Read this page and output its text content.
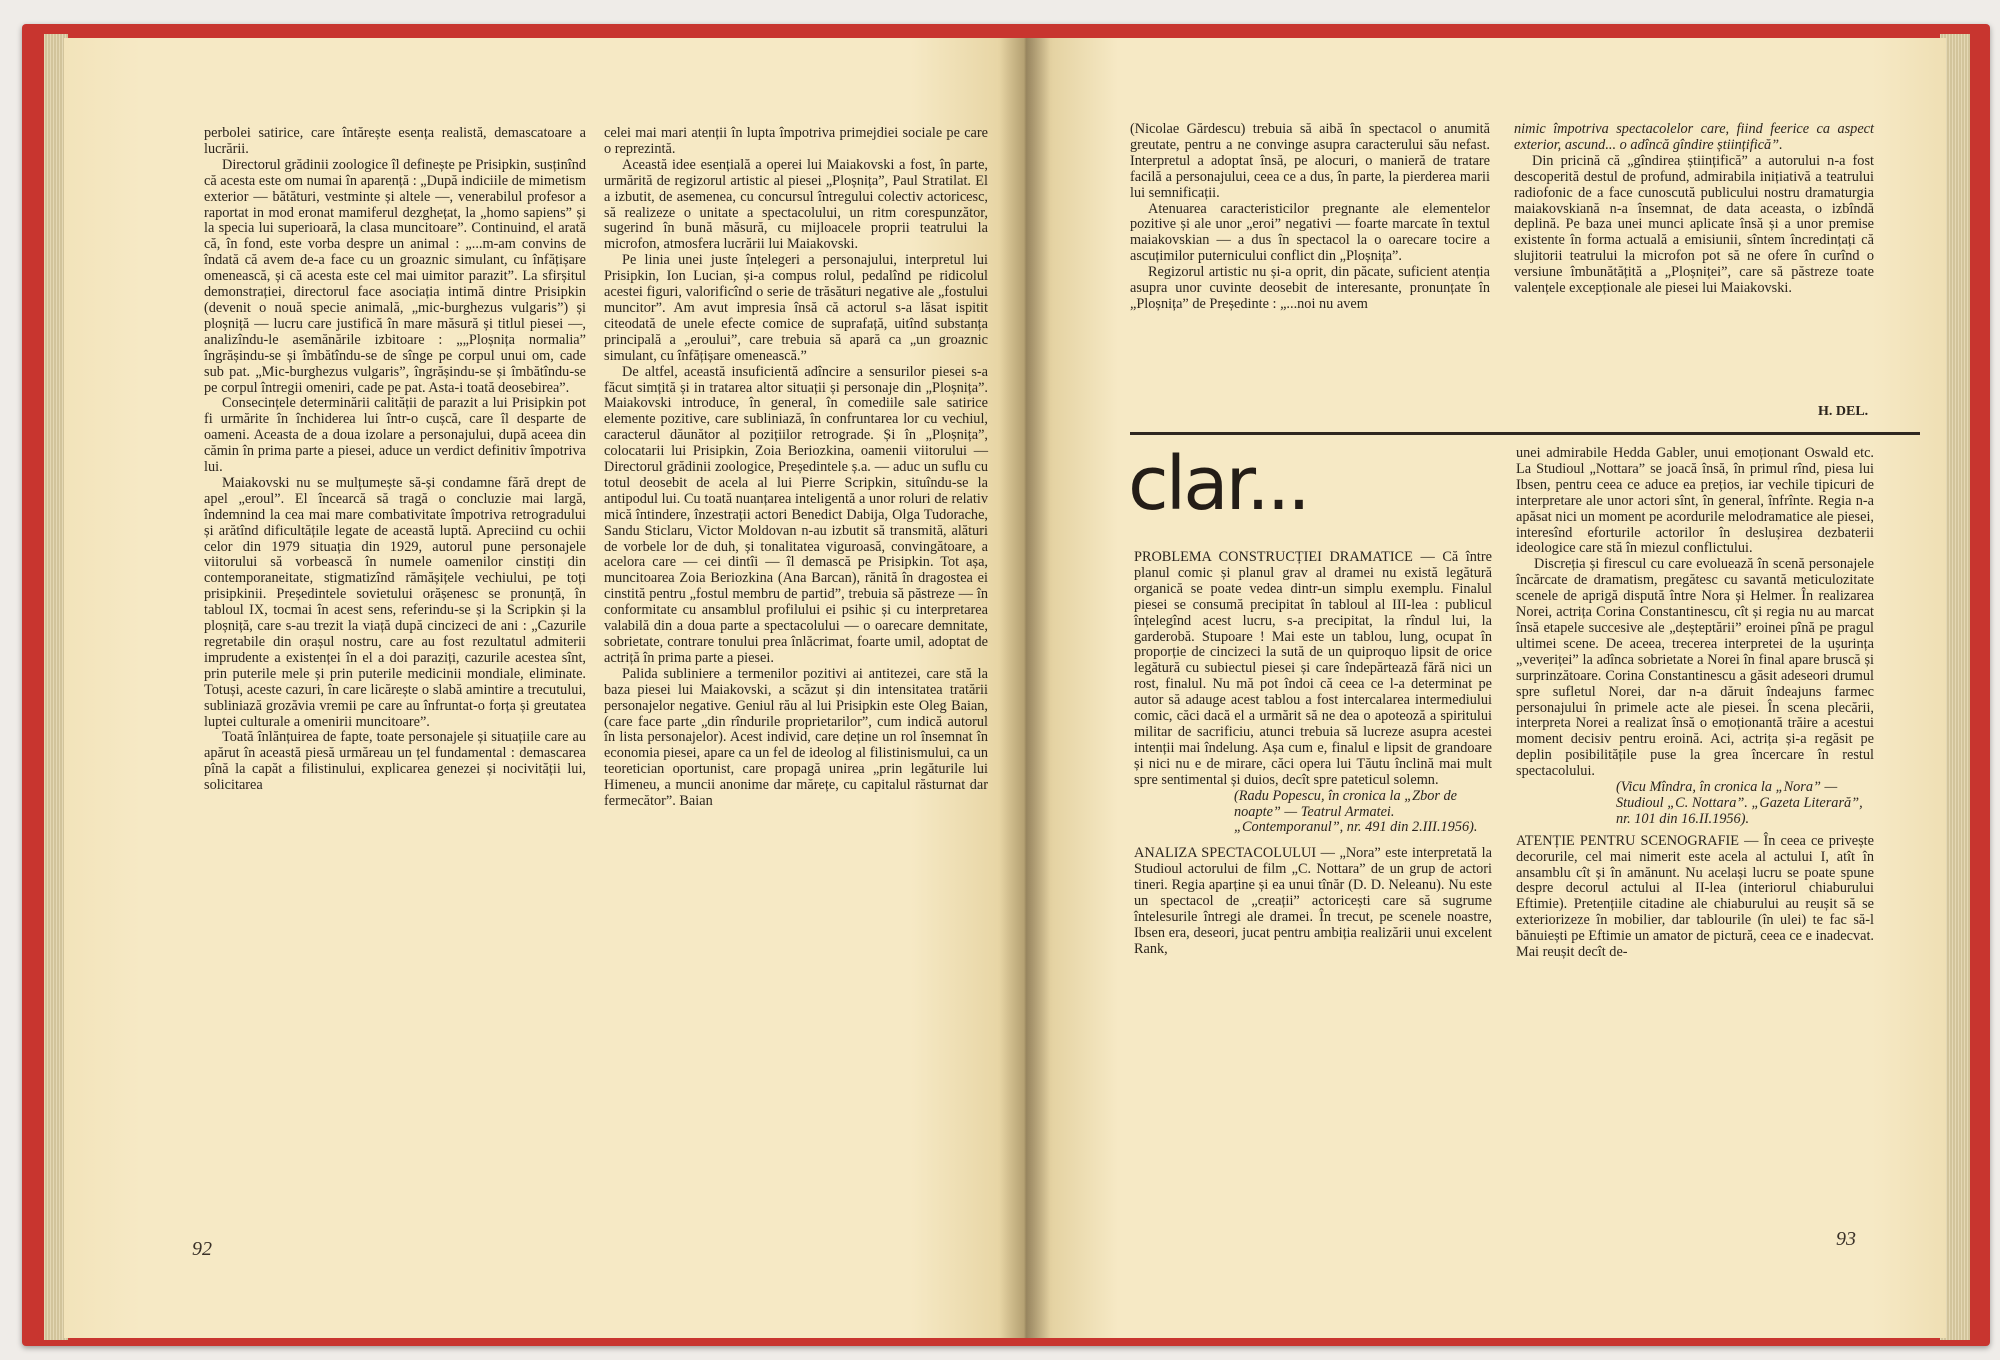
perbolei satirice, care întărește esența realistă, demascatoare a lucrării.

Directorul grădinii zoologice îl definește pe Prisipkin, susținînd că acesta este om numai în aparență : „După indiciile de mimetism exterior — bătături, vestminte și altele —, venerabilul profesor a raportat in mod eronat mamiferul dezghețat, la „homo sapiens” și la specia lui superioară, la clasa muncitoare”. Continuind, el arată că, în fond, este vorba despre un animal : „...m-am convins de îndată că avem de-a face cu un groaznic simulant, cu înfățișare omenească, și că acesta este cel mai uimitor parazit”. La sfirșitul demonstrației, directorul face asociația intimă dintre Prisipkin (devenit o nouă specie animală, „mic-burghezus vulgaris”) și ploșniță — lucru care justifică în mare măsură și titlul piesei —, analizîndu-le asemănările izbitoare : „„Ploșnița normalia” îngrășindu-se și îmbătîndu-se de sînge pe corpul unui om, cade sub pat. „Mic-burghezus vulgaris”, îngrășindu-se și îmbătîndu-se pe corpul întregii omeniri, cade pe pat. Asta-i toată deosebirea”.

Consecințele determinării calității de parazit a lui Prisipkin pot fi urmărite în închiderea lui într-o cușcă, care îl desparte de oameni. Aceasta de a doua izolare a personajului, după aceea din cămin în prima parte a piesei, aduce un verdict definitiv împotriva lui.

Maiakovski nu se mulțumește să-și condamne fără drept de apel „eroul”. El încearcă să tragă o concluzie mai largă, îndemnind la cea mai mare combativitate împotriva retrogradului și arătînd dificultățile legate de această luptă. Apreciind cu ochii celor din 1979 situația din 1929, autorul pune personajele viitorului să vorbească în numele oamenilor cinstiți din contemporaneitate, stigmatizînd rămășițele vechiului, pe toți prisipkinii. Președintele sovietului orășenesc se pronunță, în tabloul IX, tocmai în acest sens, referindu-se și la Scripkin și la ploșniță, care s-au trezit la viață după cincizeci de ani : „Cazurile regretabile din orașul nostru, care au fost rezultatul admiterii imprudente a existenței în el a doi paraziți, cazurile acestea sînt, prin puterile mele și prin puterile medicinii mondiale, eliminate. Totuși, aceste cazuri, în care licărește o slabă amintire a trecutului, subliniază grozăvia vremii pe care au înfruntat-o forța și greutatea luptei culturale a omenirii muncitoare”.

Toată înlănțuirea de fapte, toate personajele și situațiile care au apărut în această piesă urmăreau un țel fundamental : demascarea pînă la capăt a filistinului, explicarea genezei și nocivității lui, solicitarea

celei mai mari atenții în lupta împotriva primejdiei sociale pe care o reprezintă.

Această idee esențială a operei lui Maiakovski a fost, în parte, urmărită de regizorul artistic al piesei „Ploșnița”, Paul Stratilat. El a izbutit, de asemenea, cu concursul întregului colectiv actoricesc, să realizeze o unitate a spectacolului, un ritm corespunzător, sugerind în bună măsură, cu mijloacele proprii teatrului la microfon, atmosfera lucrării lui Maiakovski.

Pe linia unei juste înțelegeri a personajului, interpretul lui Prisipkin, Ion Lucian, și-a compus rolul, pedalînd pe ridicolul acestei figuri, valorificînd o serie de trăsături negative ale „fostului muncitor”. Am avut impresia însă că actorul s-a lăsat ispitit citeodată de unele efecte comice de suprafață, uitînd substanța principală a „eroului”, care trebuia să apară ca „un groaznic simulant, cu înfățișare omenească.”

De altfel, această insuficientă adîncire a sensurilor piesei s-a făcut simțită și in tratarea altor situații și personaje din „Ploșnița”. Maiakovski introduce, în general, în comediile sale satirice elemente pozitive, care subliniază, în confruntarea lor cu vechiul, caracterul dăunător al pozițiilor retrograde. Și în „Ploșnița”, colocatarii lui Prisipkin, Zoia Beriozkina, oamenii viitorului — Directorul grădinii zoologice, Președintele ș.a. — aduc un suflu cu totul deosebit de acela al lui Pierre Scripkin, situîndu-se la antipodul lui. Cu toată nuanțarea inteligentă a unor roluri de relativ mică întindere, înzestrații actori Benedict Dabija, Olga Tudorache, Sandu Sticlaru, Victor Moldovan n-au izbutit să transmită, alături de vorbele lor de duh, și tonalitatea viguroasă, convingătoare, a acelora care — cei dintîi — îl demască pe Prisipkin. Tot așa, muncitoarea Zoia Beriozkina (Ana Barcan), rănită în dragostea ei cinstită pentru „fostul membru de partid”, trebuia să păstreze — în conformitate cu ansamblul profilului ei psihic și cu interpretarea valabilă din a doua parte a spectacolului — o oarecare demnitate, sobrietate, contrare tonului prea înlăcrimat, foarte umil, adoptat de actriță în prima parte a piesei.

Palida subliniere a termenilor pozitivi ai antitezei, care stă la baza piesei lui Maiakovski, a scăzut și din intensitatea tratării personajelor negative. Geniul rău al lui Prisipkin este Oleg Baian, (care face parte „din rîndurile proprietarilor”, cum indică autorul în lista personajelor). Acest individ, care deține un rol însemnat în economia piesei, apare ca un fel de ideolog al filistinismului, ca un teoretician oportunist, care propagă unirea „prin legăturile lui Himeneu, a muncii anonime dar mărețe, cu capitalul răsturnat dar fermecător”. Baian

92

(Nicolae Gărdescu) trebuia să aibă în spectacol o anumită greutate, pentru a ne convinge asupra caracterului său nefast. Interpretul a adoptat însă, pe alocuri, o manieră de tratare facilă a personajului, ceea ce a dus, în parte, la pierderea marii lui semnificații.

Atenuarea caracteristicilor pregnante ale elementelor pozitive și ale unor „eroi” negativi — foarte marcate în textul maiakovskian — a dus în spectacol la o oarecare tocire a ascuțimilor puternicului conflict din „Ploșnița”.

Regizorul artistic nu și-a oprit, din păcate, suficient atenția asupra unor cuvinte deosebit de interesante, pronunțate în „Ploșnița” de Președinte : „...noi nu avem

nimic împotriva spectacolelor care, fiind feerice ca aspect exterior, ascund... o adîncă gîndire științifică”.

Din pricină că „gîndirea științifică” a autorului n-a fost descoperită destul de profund, admirabila inițiativă a teatrului radiofonic de a face cunoscută publicului nostru dramaturgia maiakovskiană n-a însemnat, de data aceasta, o izbîndă deplină. Pe baza unei munci aplicate însă și a unor premise existente în forma actuală a emisiunii, sîntem încredințați că slujitorii teatrului la microfon pot să ne ofere în curînd o versiune îmbunătățită a „Ploșniței”, care să păstreze toate valențele excepționale ale piesei lui Maiakovski.

H. DEL.

PROBLEMA CONSTRUCȚIEI DRAMATICE — Că între planul comic și planul grav al dramei nu există legătură organică se poate vedea dintr-un simplu exemplu. Finalul piesei se consumă precipitat în tabloul al III-lea : publicul înțelegînd acest lucru, s-a precipitat, la rîndul lui, la garderobă. Stupoare ! Mai este un tablou, lung, ocupat în proporție de cincizeci la sută de un quiproquo lipsit de orice legătură cu subiectul piesei și care îndepărtează fără nici un rost, finalul. Nu mă pot îndoi că ceea ce l-a determinat pe autor să adauge acest tablou a fost intercalarea intermediului comic, căci dacă el a urmărit să ne dea o apoteoză a spiritului militar de sacrificiu, atunci trebuia să lucreze asupra acestei intenții mai îndelung. Așa cum e, finalul e lipsit de grandoare și nici nu e de mirare, căci opera lui Tăutu înclină mai mult spre sentimental și duios, decît spre pateticul solemn.

(Radu Popescu, în cronica la „Zbor de noapte” — Teatrul Armatei. „Contemporanul”, nr. 491 din 2.III.1956).

ANALIZA SPECTACOLULUI — „Nora” este interpretată la Studioul actorului de film „C. Nottara” de un grup de actori tineri. Regia aparține și ea unui tînăr (D. D. Neleanu). Nu este un spectacol de „creații” actoricești care să sugrume întelesurile întregi ale dramei. În trecut, pe scenele noastre, Ibsen era, deseori, jucat pentru ambiția realizării unui excelent Rank,

unei admirabile Hedda Gabler, unui emoționant Oswald etc. La Studioul „Nottara” se joacă însă, în primul rînd, piesa lui Ibsen, pentru ceea ce aduce ea prețios, iar vechile tipicuri de interpretare ale unor actori sînt, în general, înfrînte. Regia n-a apăsat nici un moment pe acordurile melodramatice ale piesei, interesînd eforturile actorilor în deslușirea dezbaterii ideologice care stă în miezul conflictului.

Discreția și firescul cu care evoluează în scenă personajele încărcate de dramatism, pregătesc cu savantă meticulozitate scenele de aprigă dispută între Nora și Helmer. În realizarea Norei, actrița Corina Constantinescu, cît și regia nu au marcat însă etapele succesive ale „deșteptării” eroinei pînă pe pragul ultimei scene. De aceea, trecerea interpretei de la ușurința „veveriței” la adînca sobrietate a Norei în final apare bruscă și surprinzătoare. Corina Constantinescu a găsit adeseori drumul spre sufletul Norei, dar n-a dăruit îndeajuns farmec personajului în primele acte ale piesei. În scena plecării, interpreta Norei a realizat însă o emoționantă trăire a acestui moment decisiv pentru eroină. Aci, actrița și-a regăsit pe deplin posibilitățile puse la grea încercare în restul spectacolului.

(Vicu Mîndra, în cronica la „Nora” — Studioul „C. Nottara”. „Gazeta Literară”, nr. 101 din 16.II.1956).

ATENȚIE PENTRU SCENOGRAFIE — În ceea ce privește decorurile, cel mai nimerit este acela al actului I, atît în ansamblu cît și în amănunt. Nu același lucru se poate spune despre decorul actului al II-lea (interiorul chiaburului Eftimie). Pretențiile citadine ale chiaburului au reușit să se exteriorizeze în mobilier, dar tablourile (în ulei) te fac să-l bănuiești pe Eftimie un amator de pictură, ceea ce e inadecvat. Mai reușit decît de-

93
clar...
